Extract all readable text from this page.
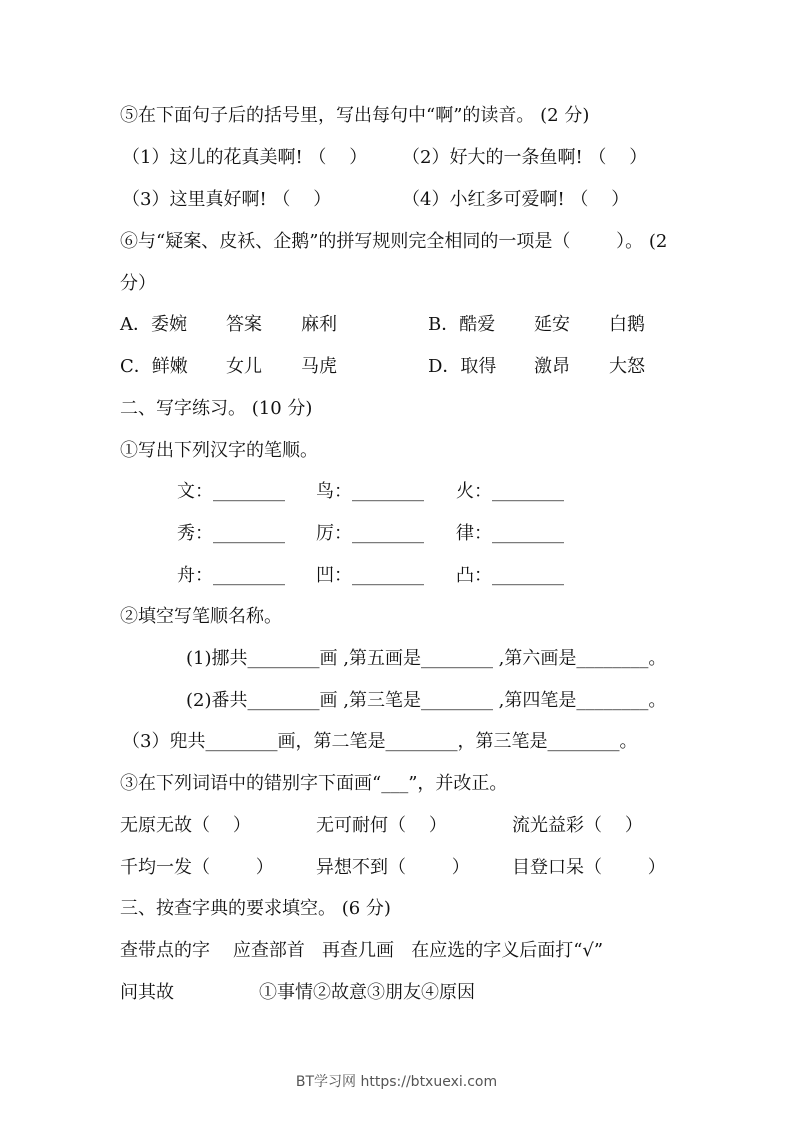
⑤在下面句子后的括号里，写出每句中“啊”的读音。 (2 分)
（1）这儿的花真美啊! （    ） （2）好大的一条鱼啊! （    ）
（3）这里真好啊! （    ）	（4）小红多可爱啊! （    ）
⑥与“疑案、皮袄、企鹅”的拼写规则完全相同的一项是（        ）。 (2
分）
A．委婉 答案 麻利	B．酷爱 延安 白鹅
C．鲜嫩 女儿 马虎	D．取得 激昂 大怒
二、写字练习。 (10 分)
①写出下列汉字的笔顺。
文：________ 鸟：________ 火：________
秀：________ 厉：________ 律：________
舟：________ 凹：________ 凸：________
②填空写笔顺名称。
(1)挪共________画 ,第五画是________ ,第六画是________。
(2)番共________画 ,第三笔是________ ,第四笔是________。
（3）兜共________画，第二笔是________，第三笔是________。
③在下列词语中的错别字下面画“___”，并改正。
无原无故（    ）	无可耐何（    ）	流光益彩（    ）
千均一发（        ） 异想不到（        ） 目登口呆（        ）
三、按查字典的要求填空。 (6 分)
查带点的字    应查部首   再查几画   在应选的字义后面打“√”
问其故	①事情②故意③朋友④原因
BT学习网 https://btxuexi.com
